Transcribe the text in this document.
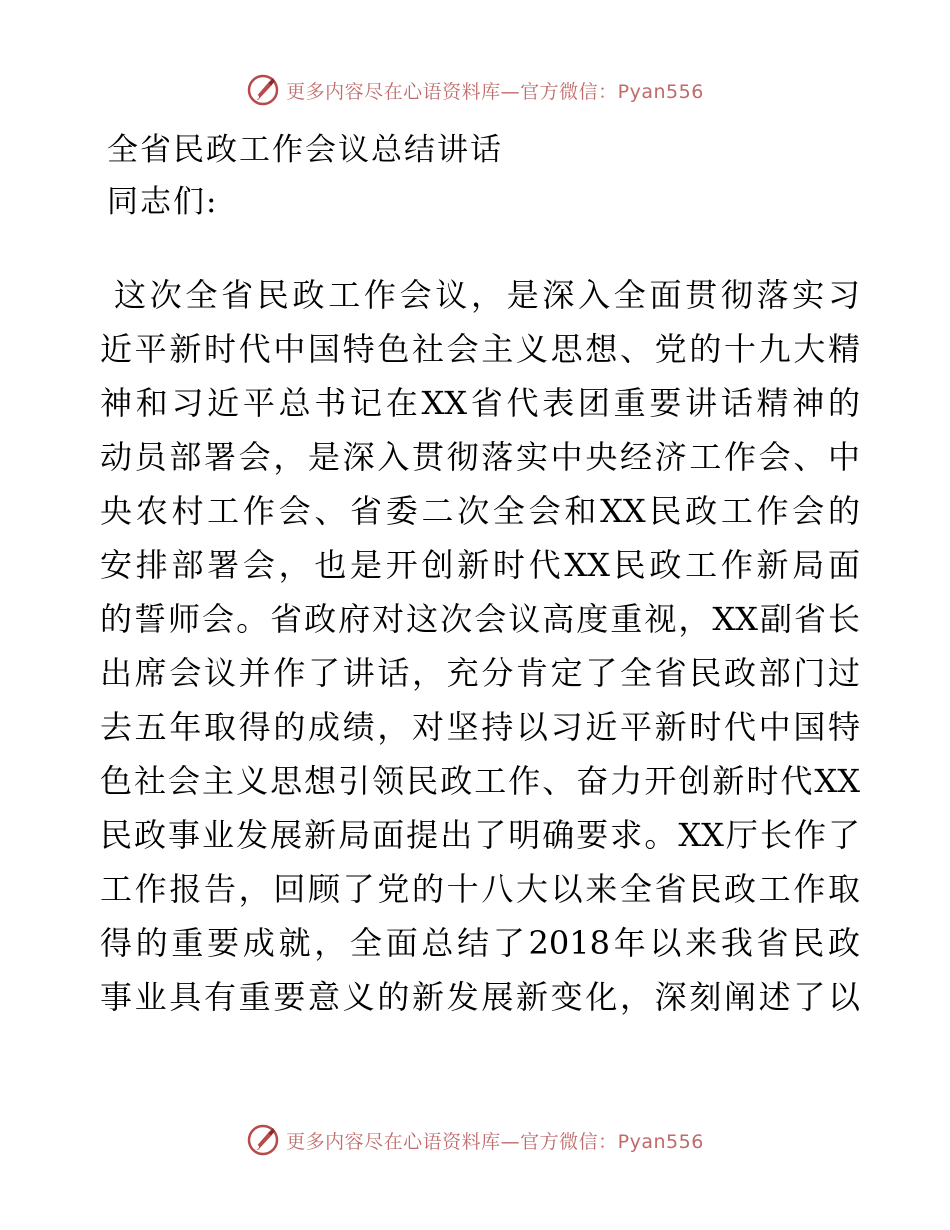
更多内容尽在心语资料库—官方微信：Pyan556
全省民政工作会议总结讲话
同志们:
这次全省民政工作会议，是深入全面贯彻落实习
近平新时代中国特色社会主义思想、党的十九大精
神和习近平总书记在XX省代表团重要讲话精神的
动员部署会，是深入贯彻落实中央经济工作会、中
央农村工作会、省委二次全会和XX民政工作会的
安排部署会，也是开创新时代XX民政工作新局面
的誓师会。省政府对这次会议高度重视，XX副省长
出席会议并作了讲话，充分肯定了全省民政部门过
去五年取得的成绩，对坚持以习近平新时代中国特
色社会主义思想引领民政工作、奋力开创新时代XX
民政事业发展新局面提出了明确要求。XX厅长作了
工作报告，回顾了党的十八大以来全省民政工作取
得的重要成就，全面总结了2018年以来我省民政
事业具有重要意义的新发展新变化，深刻阐述了以
更多内容尽在心语资料库—官方微信：Pyan556
